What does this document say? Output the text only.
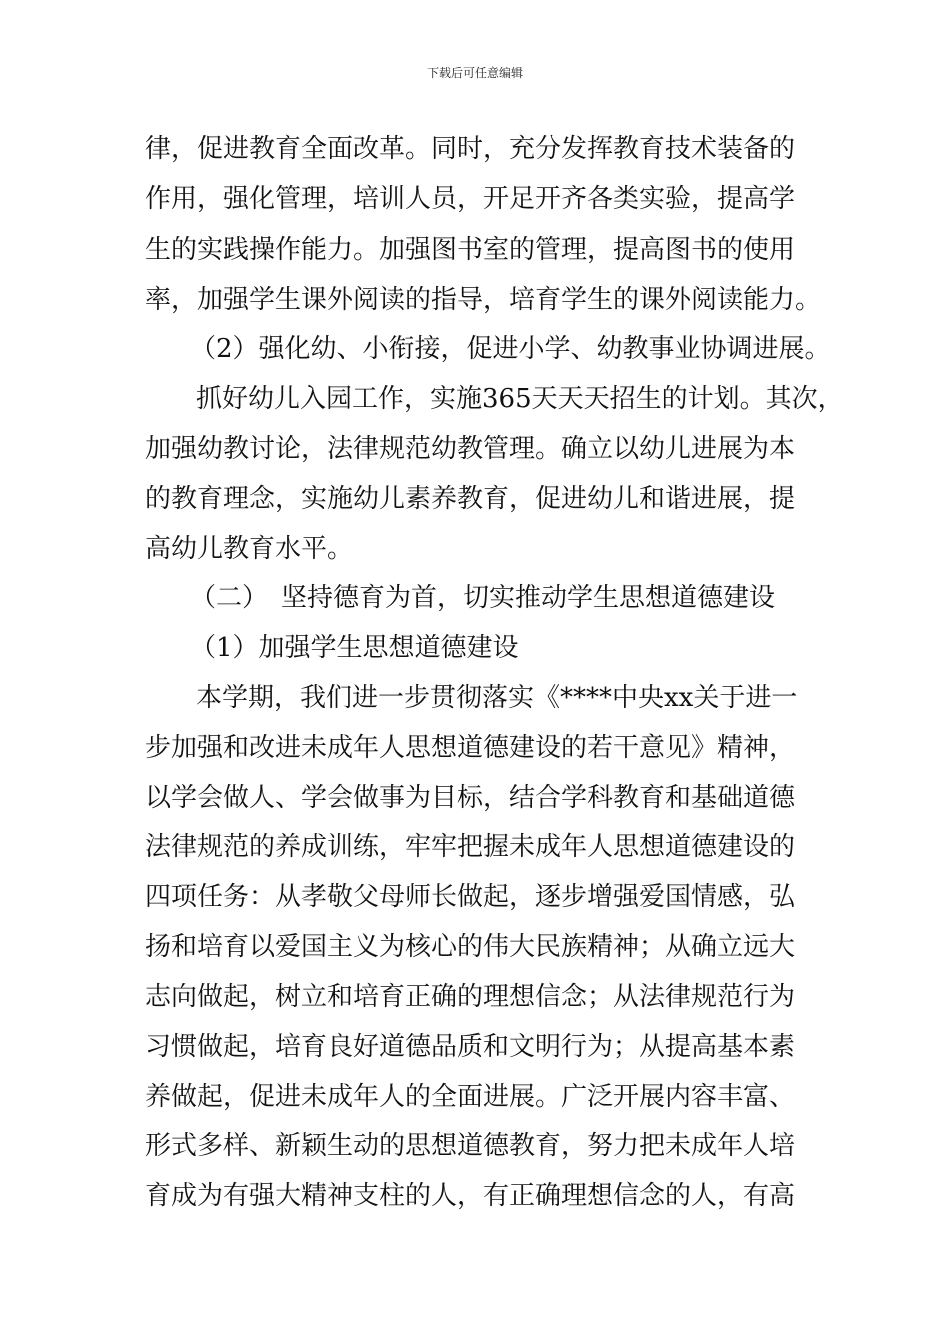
下载后可任意编辑
律，促进教育全面改革。同时，充分发挥教育技术装备的
作用，强化管理，培训人员，开足开齐各类实验，提高学
生的实践操作能力。加强图书室的管理，提高图书的使用
率，加强学生课外阅读的指导，培育学生的课外阅读能力。
（2）强化幼、小衔接，促进小学、幼教事业协调进展。
抓好幼儿入园工作，实施365天天天招生的计划。其次，
加强幼教讨论，法律规范幼教管理。确立以幼儿进展为本
的教育理念，实施幼儿素养教育，促进幼儿和谐进展，提
高幼儿教育水平。
（二）　坚持德育为首，切实推动学生思想道德建设
（1）加强学生思想道德建设
本学期，我们进一步贯彻落实《****中央xx关于进一
步加强和改进未成年人思想道德建设的若干意见》精神，
以学会做人、学会做事为目标，结合学科教育和基础道德
法律规范的养成训练，牢牢把握未成年人思想道德建设的
四项任务：从孝敬父母师长做起，逐步增强爱国情感，弘
扬和培育以爱国主义为核心的伟大民族精神；从确立远大
志向做起，树立和培育正确的理想信念；从法律规范行为
习惯做起，培育良好道德品质和文明行为；从提高基本素
养做起，促进未成年人的全面进展。广泛开展内容丰富、
形式多样、新颖生动的思想道德教育，努力把未成年人培
育成为有强大精神支柱的人，有正确理想信念的人，有高
